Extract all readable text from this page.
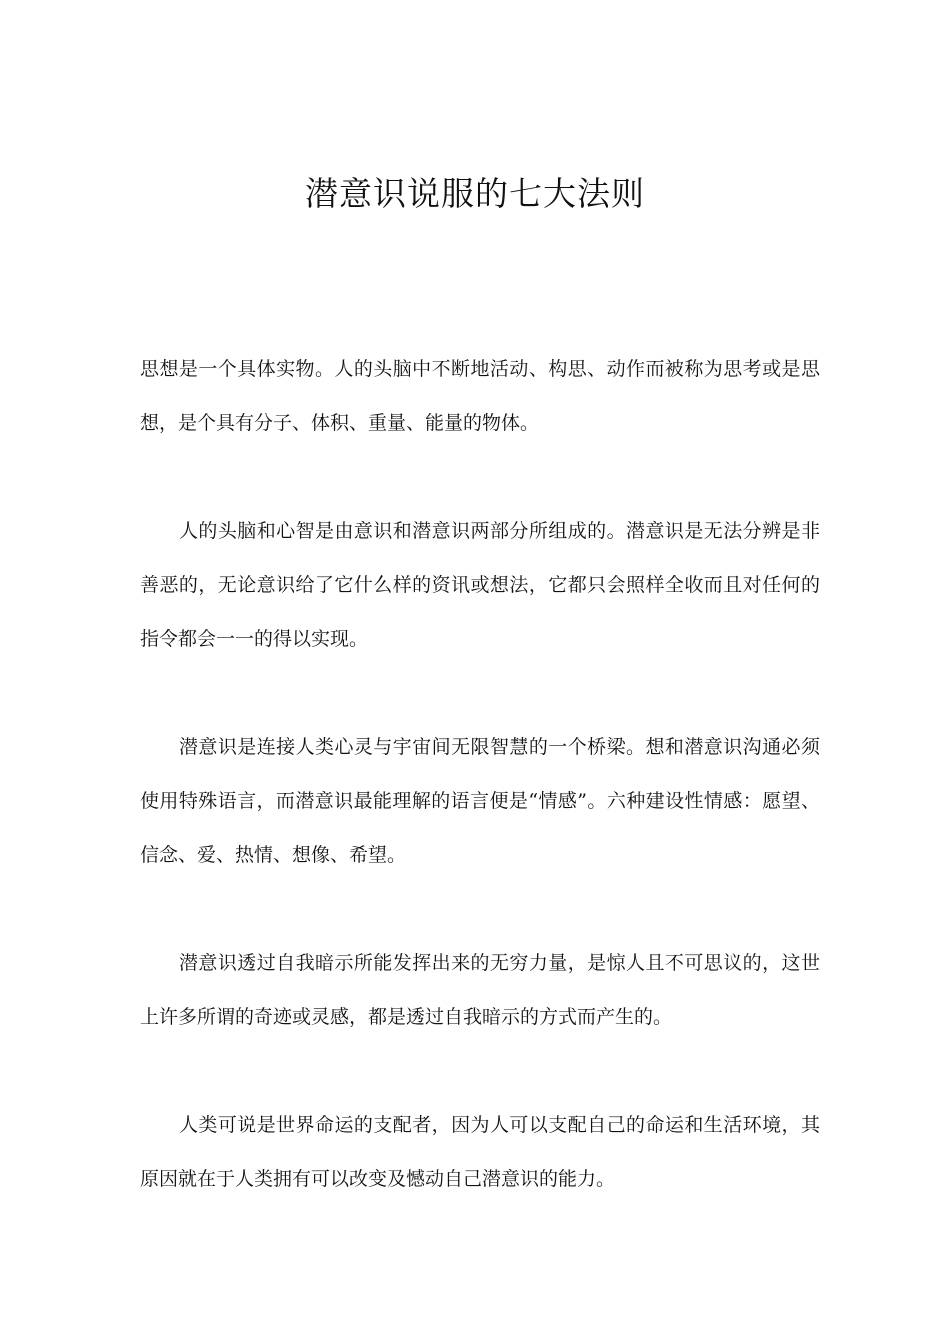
潜意识说服的七大法则

思想是一个具体实物。人的头脑中不断地活动、构思、动作而被称为思考或是思想，是个具有分子、体积、重量、能量的物体。

人的头脑和心智是由意识和潜意识两部分所组成的。潜意识是无法分辨是非善恶的，无论意识给了它什么样的资讯或想法，它都只会照样全收而且对任何的指令都会一一的得以实现。

潜意识是连接人类心灵与宇宙间无限智慧的一个桥梁。想和潜意识沟通必须使用特殊语言，而潜意识最能理解的语言便是“情感”。六种建设性情感：愿望、信念、爱、热情、想像、希望。

潜意识透过自我暗示所能发挥出来的无穷力量，是惊人且不可思议的，这世上许多所谓的奇迹或灵感，都是透过自我暗示的方式而产生的。

人类可说是世界命运的支配者，因为人可以支配自己的命运和生活环境，其原因就在于人类拥有可以改变及憾动自己潜意识的能力。
